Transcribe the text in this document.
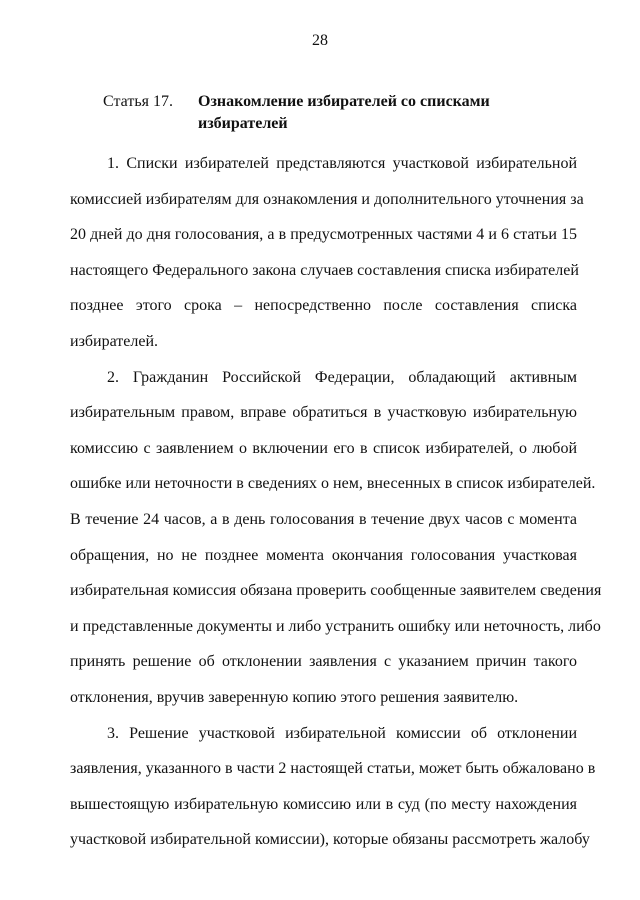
28
Статья 17.	Ознакомление избирателей со списками
избирателей

1. Списки избирателей представляются участковой избирательной
комиссией избирателям для ознакомления и дополнительного уточнения за
20 дней до дня голосования, а в предусмотренных частями 4 и 6 статьи 15
настоящего Федерального закона случаев составления списка избирателей
позднее этого срока – непосредственно после составления списка
избирателей.

2. Гражданин Российской Федерации, обладающий активным
избирательным правом, вправе обратиться в участковую избирательную
комиссию с заявлением о включении его в список избирателей, о любой
ошибке или неточности в сведениях о нем, внесенных в список избирателей.
В течение 24 часов, а в день голосования в течение двух часов с момента
обращения, но не позднее момента окончания голосования участковая
избирательная комиссия обязана проверить сообщенные заявителем сведения
и представленные документы и либо устранить ошибку или неточность, либо
принять решение об отклонении заявления с указанием причин такого
отклонения, вручив заверенную копию этого решения заявителю.

3. Решение участковой избирательной комиссии об отклонении
заявления, указанного в части 2 настоящей статьи, может быть обжаловано в
вышестоящую избирательную комиссию или в суд (по месту нахождения
участковой избирательной комиссии), которые обязаны рассмотреть жалобу
